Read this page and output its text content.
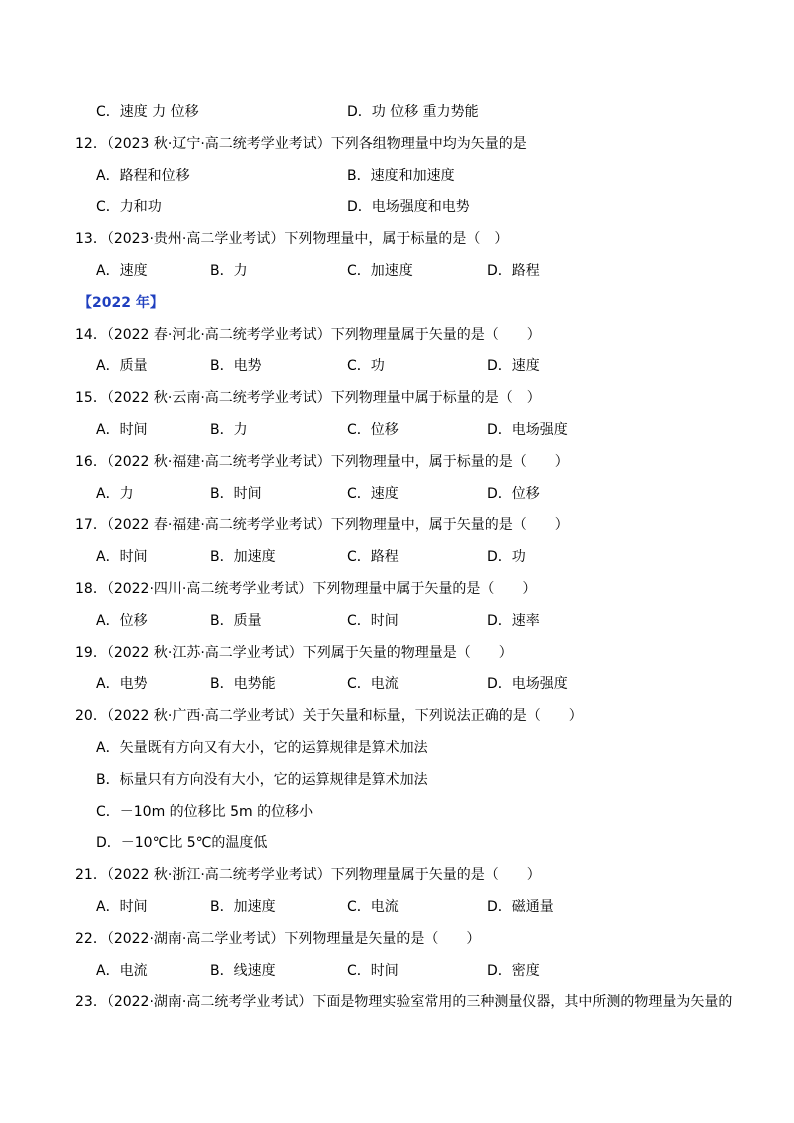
C．速度 力 位移	D．功 位移 重力势能
12．（2023 秋·辽宁·高二统考学业考试）下列各组物理量中均为矢量的是
A．路程和位移	B．速度和加速度
C．力和功	D．电场强度和电势
13．（2023·贵州·高二学业考试）下列物理量中，属于标量的是（　）
A．速度	B．力	C．加速度	D．路程
【2022 年】
14．（2022 春·河北·高二统考学业考试）下列物理量属于矢量的是（　　）
A．质量	B．电势	C．功	D．速度
15．（2022 秋·云南·高二统考学业考试）下列物理量中属于标量的是（　）
A．时间	B．力	C．位移	D．电场强度
16．（2022 秋·福建·高二统考学业考试）下列物理量中，属于标量的是（　　）
A．力	B．时间	C．速度	D．位移
17．（2022 春·福建·高二统考学业考试）下列物理量中，属于矢量的是（　　）
A．时间	B．加速度	C．路程	D．功
18．（2022·四川·高二统考学业考试）下列物理量中属于矢量的是（　　）
A．位移	B．质量	C．时间	D．速率
19．（2022 秋·江苏·高二学业考试）下列属于矢量的物理量是（　　）
A．电势	B．电势能	C．电流	D．电场强度
20．（2022 秋·广西·高二学业考试）关于矢量和标量，下列说法正确的是（　　）
A．矢量既有方向又有大小，它的运算规律是算术加法
B．标量只有方向没有大小，它的运算规律是算术加法
C．－10m 的位移比 5m 的位移小
D．－10℃比 5℃的温度低
21．（2022 秋·浙江·高二统考学业考试）下列物理量属于矢量的是（　　）
A．时间	B．加速度	C．电流	D．磁通量
22．（2022·湖南·高二学业考试）下列物理量是矢量的是（　　）
A．电流	B．线速度	C．时间	D．密度
23．（2022·湖南·高二统考学业考试）下面是物理实验室常用的三种测量仪器，其中所测的物理量为矢量的
